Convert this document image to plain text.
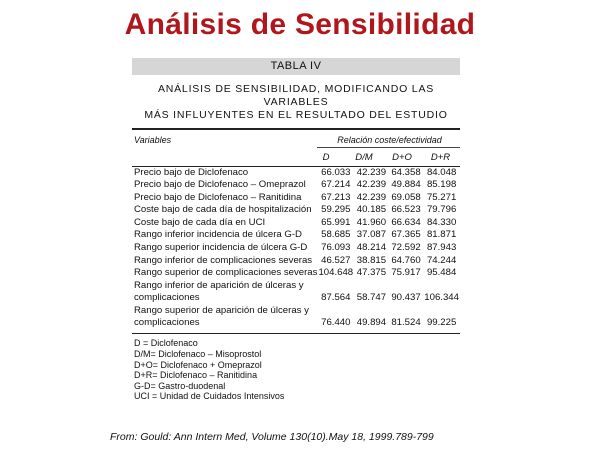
Análisis de Sensibilidad
TABLA IV
ANÁLISIS DE SENSIBILIDAD, MODIFICANDO LAS VARIABLES
MÁS INFLUYENTES EN EL RESULTADO DEL ESTUDIO
Variables	Relación coste/efectividad
D	D/M	D+O	D+R
Precio bajo de Diclofenaco	66.033	42.239	64.358	84.048
Precio bajo de Diclofenaco – Omeprazol	67.214	42.239	49.884	85.198
Precio bajo de Diclofenaco – Ranitidina	67.213	42.239	69.058	75.271
Coste bajo de cada día de hospitalización	59.295	40.185	66.523	79.796
Coste bajo de cada día en UCI	65.991	41.960	66.634	84.330
Rango inferior incidencia de úlcera G-D	58.685	37.087	67.365	81.871
Rango superior incidencia de úlcera G-D	76.093	48.214	72.592	87.943
Rango inferior de complicaciones severas	46.527	38.815	64.760	74.244
Rango superior de complicaciones severas	104.648	47.375	75.917	95.484
Rango inferior de aparición de úlceras y complicaciones	87.564	58.747	90.437	106.344
Rango superior de aparición de úlceras y complicaciones	76.440	49.894	81.524	99.225
D = Diclofenaco
D/M= Diclofenaco – Misoprostol
D+O= Diclofenaco + Omeprazol
D+R= Diclofenaco – Ranitidina
G-D= Gastro-duodenal
UCI = Unidad de Cuidados Intensivos
From: Gould: Ann Intern Med, Volume 130(10).May 18, 1999.789-799
